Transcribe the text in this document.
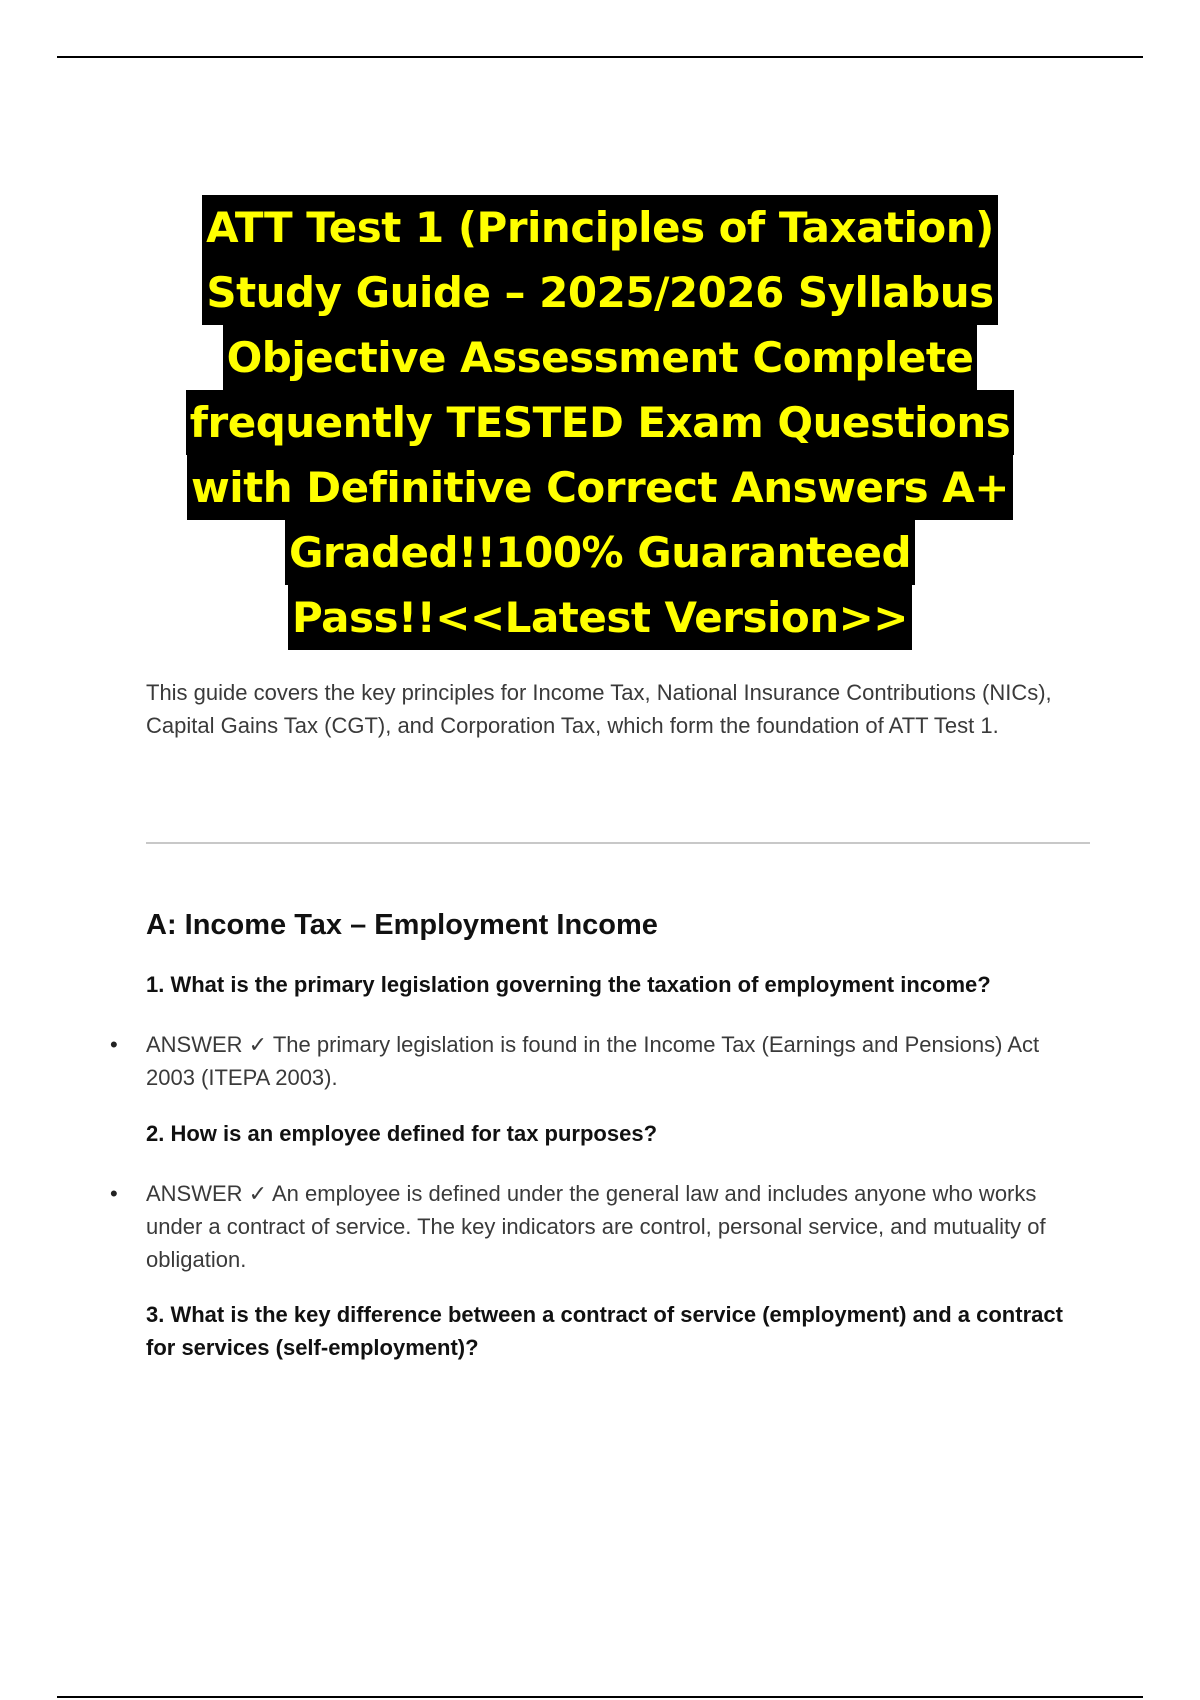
ATT Test 1 (Principles of Taxation)
Study Guide – 2025/2026 Syllabus
Objective Assessment Complete
frequently TESTED Exam Questions
with Definitive Correct Answers A+
Graded!!100% Guaranteed
Pass!!<<Latest Version>>

This guide covers the key principles for Income Tax, National Insurance Contributions (NICs), Capital Gains Tax (CGT), and Corporation Tax, which form the foundation of ATT Test 1.

A: Income Tax – Employment Income
1. What is the primary legislation governing the taxation of employment income?
• ANSWER ✓ The primary legislation is found in the Income Tax (Earnings and Pensions) Act 2003 (ITEPA 2003).
2. How is an employee defined for tax purposes?
• ANSWER ✓ An employee is defined under the general law and includes anyone who works under a contract of service. The key indicators are control, personal service, and mutuality of obligation.
3. What is the key difference between a contract of service (employment) and a contract for services (self-employment)?
